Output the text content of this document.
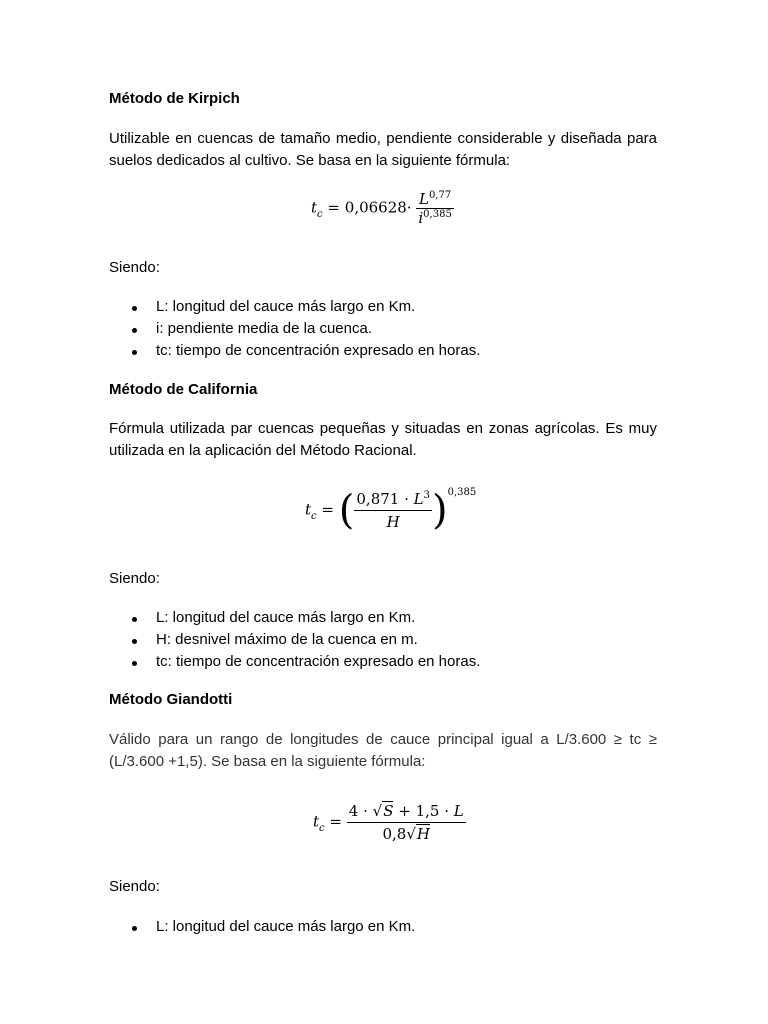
Método de Kirpich
Utilizable en cuencas de tamaño medio, pendiente considerable y diseñada para suelos dedicados al cultivo. Se basa en la siguiente fórmula:
$t_c = 0,06628\cdot \frac{L^{0,77}}{i^{0,385}}$
Siendo:
L: longitud del cauce más largo en Km.
i: pendiente media de la cuenca.
tc: tiempo de concentración expresado en horas.
Método de California
Fórmula utilizada par cuencas pequeñas y situadas en zonas agrícolas. Es muy utilizada en la aplicación del Método Racional.
$t_c$ = ( $\frac{0,871 \cdot L^3}{H} )^{0,385}$
Siendo:
L: longitud del cauce más largo en Km.
H: desnivel máximo de la cuenca en m.
tc: tiempo de concentración expresado en horas.
Método Giandotti
Válido para un rango de longitudes de cauce principal igual a L/3.600 ≥ tc ≥ (L/3.600 +1,5). Se basa en la siguiente fórmula:
$t_c = \frac{4 \cdot √S + 1,5 \cdot L}{0,8√H}$
Siendo:
L: longitud del cauce más largo en Km.
